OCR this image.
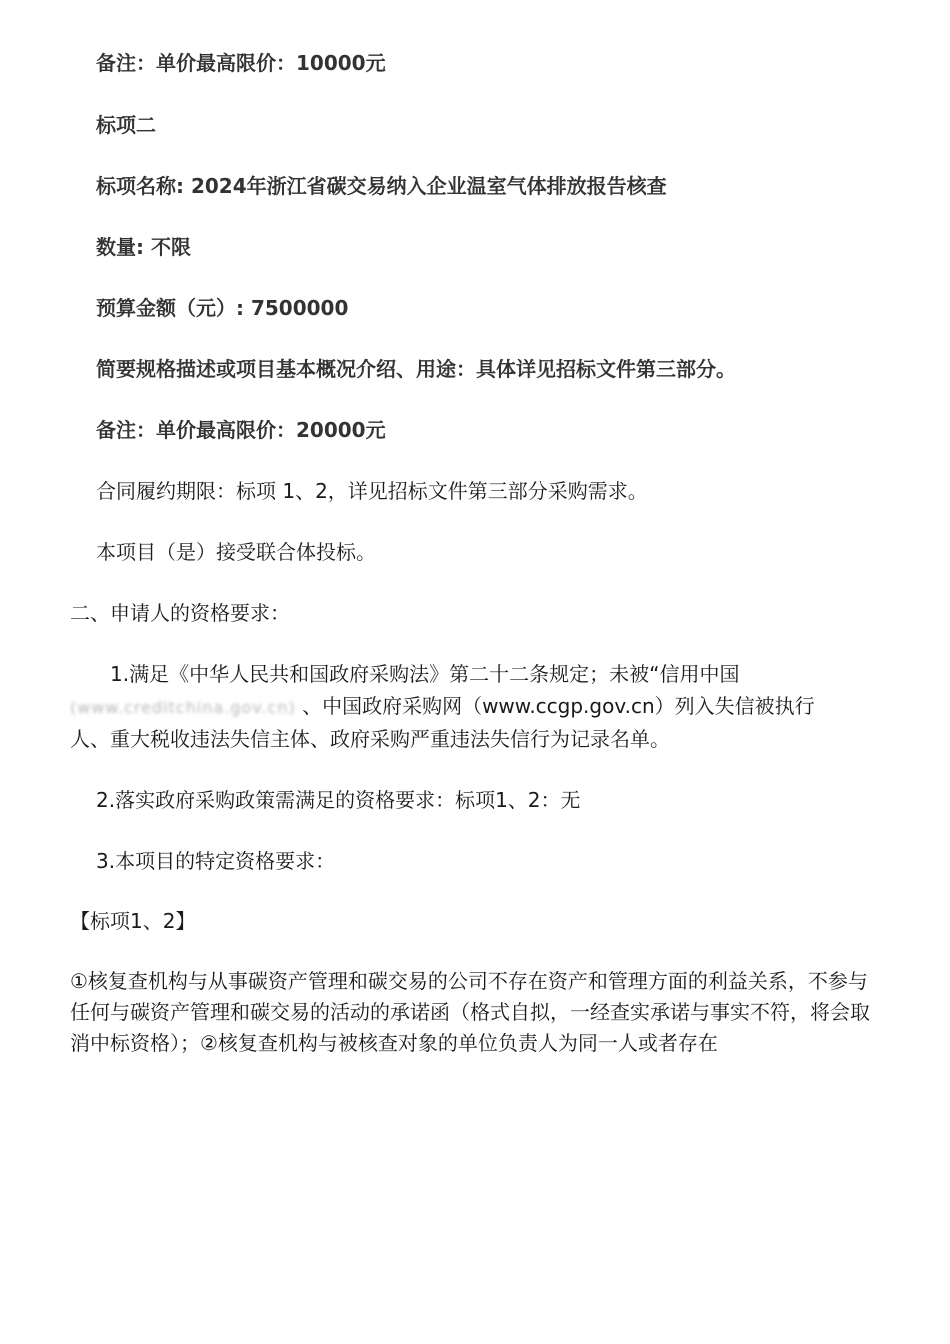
备注：单价最高限价：10000元
标项二
标项名称: 2024年浙江省碳交易纳入企业温室气体排放报告核查
数量: 不限
预算金额（元）: 7500000
简要规格描述或项目基本概况介绍、用途：具体详见招标文件第三部分。
备注：单价最高限价：20000元
合同履约期限：标项 1、2，详见招标文件第三部分采购需求。
本项目（是）接受联合体投标。
二、申请人的资格要求：
1.满足《中华人民共和国政府采购法》第二十二条规定；未被“信用中国
(www.creditchina.gov.cn) 、中国政府采购网（www.ccgp.gov.cn）列入失信被执行
人、重大税收违法失信主体、政府采购严重违法失信行为记录名单。
2.落实政府采购政策需满足的资格要求：标项1、2：无
3.本项目的特定资格要求：
【标项1、2】
①核复查机构与从事碳资产管理和碳交易的公司不存在资产和管理方面的利益关系，不参与任何与碳资产管理和碳交易的活动的承诺函（格式自拟，一经查实承诺与事实不符，将会取消中标资格）；②核复查机构与被核查对象的单位负责人为同一人或者存在
